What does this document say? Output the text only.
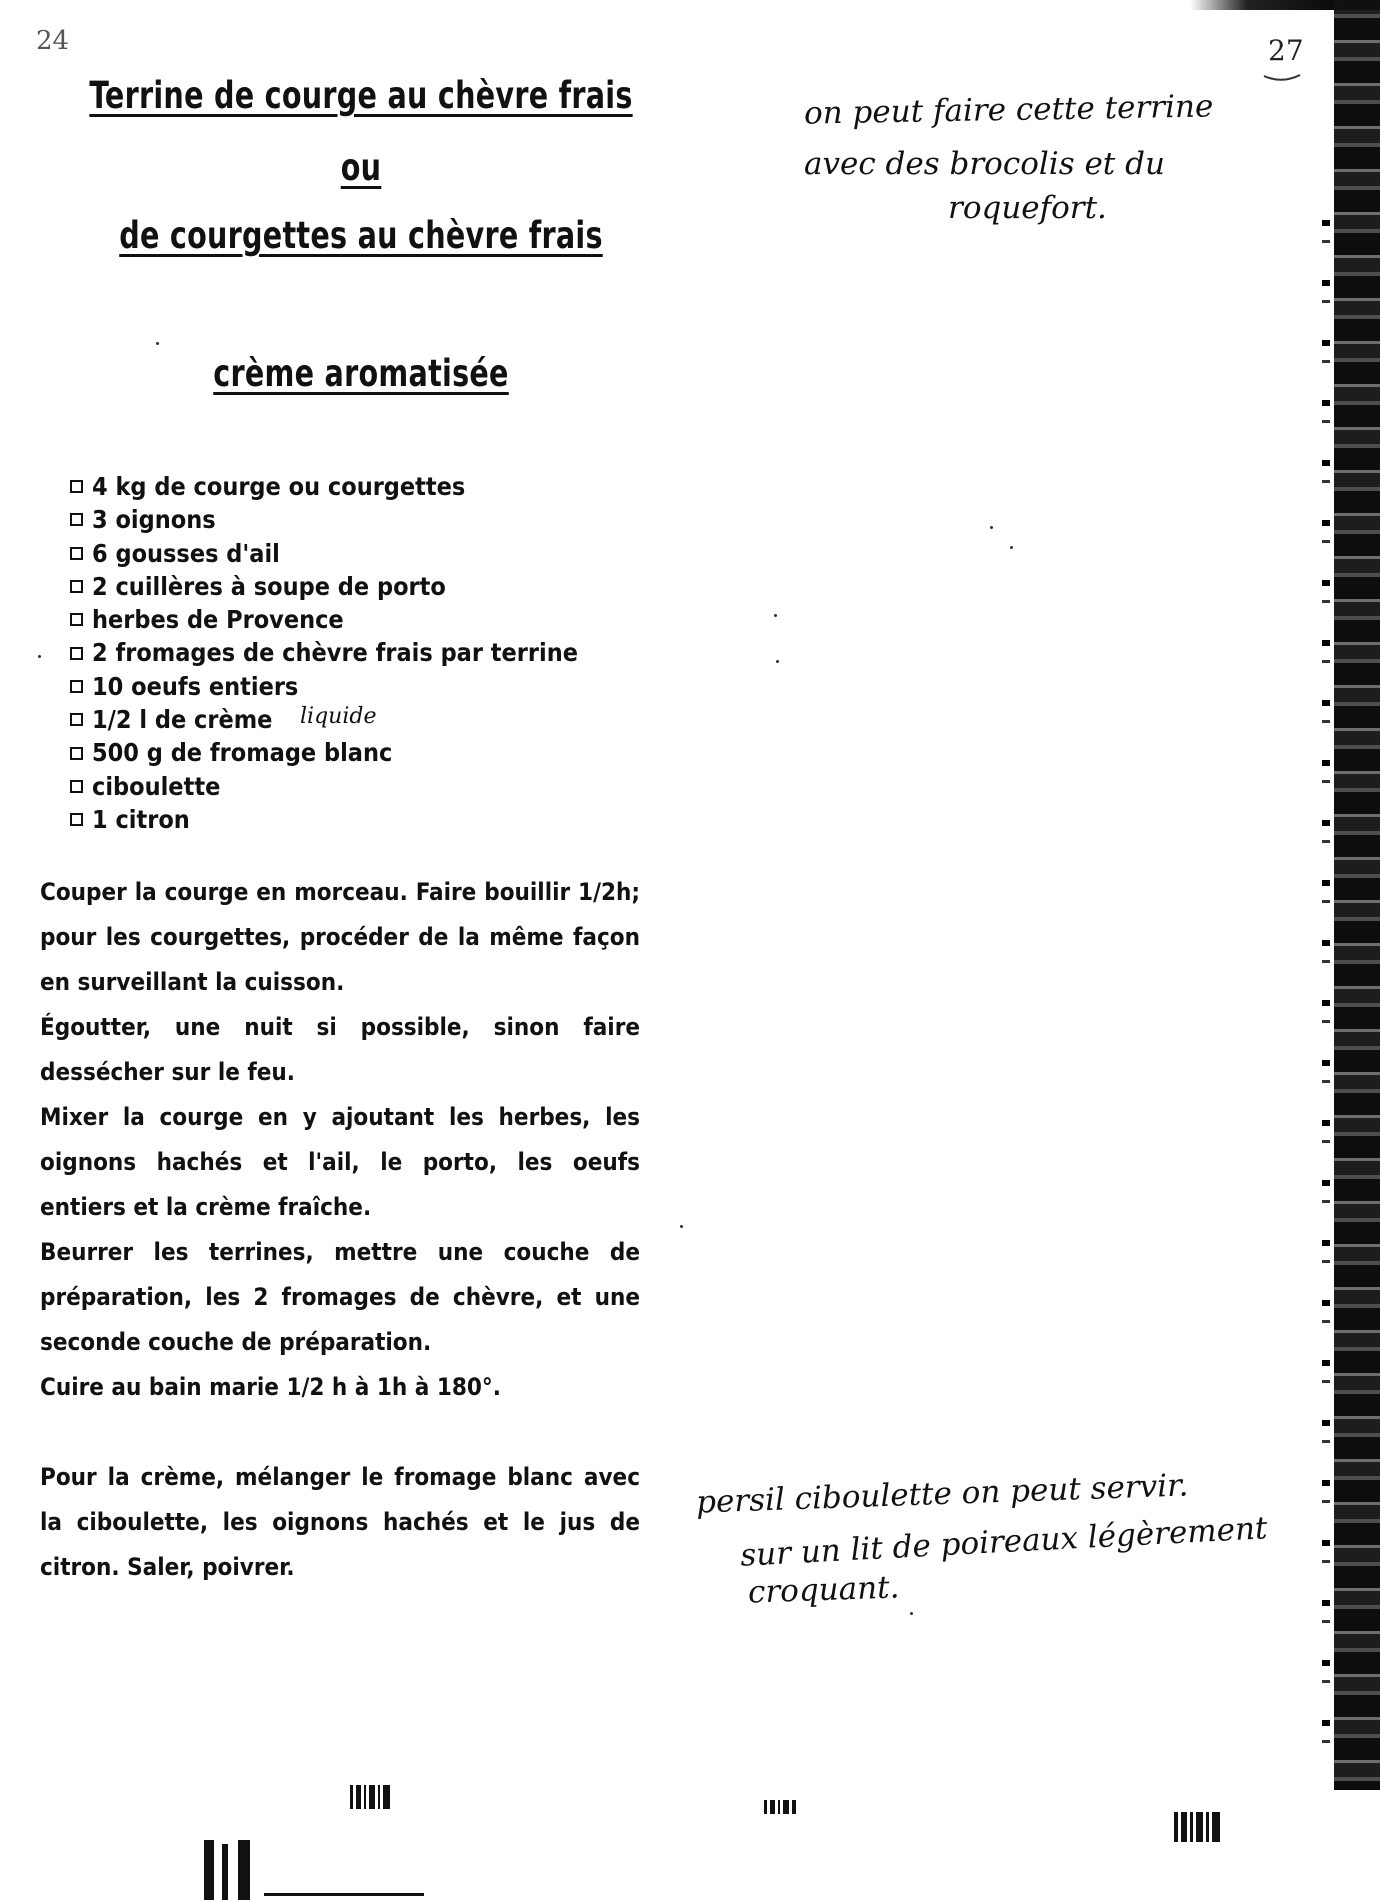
24	27
Terrine de courge au chèvre frais
ou
de courgettes au chèvre frais
crème aromatisée
4 kg de courge ou courgettes
3 oignons
6 gousses d'ail
2 cuillères à soupe de porto
herbes de Provence
2 fromages de chèvre frais par terrine
10 oeufs entiers
1/2 l de crème
500 g de fromage blanc
ciboulette
1 citron
Couper la courge en morceau. Faire bouillir 1/2h; pour les courgettes, procéder de la même façon en surveillant la cuisson.
Égoutter, une nuit si possible, sinon faire dessécher sur le feu.
Mixer la courge en y ajoutant les herbes, les oignons hachés et l'ail, le porto, les oeufs entiers et la crème fraîche.
Beurrer les terrines, mettre une couche de préparation, les 2 fromages de chèvre, et une seconde couche de préparation.
Cuire au bain marie 1/2 h à 1h à 180°.
Pour la crème, mélanger le fromage blanc avec la ciboulette, les oignons hachés et le jus de citron. Saler, poivrer.
on peut faire cette terrine
avec des brocolis et du
roquefort.
liquide
persil ciboulette on peut servir.
sur un lit de poireaux légèrement
croquant.
